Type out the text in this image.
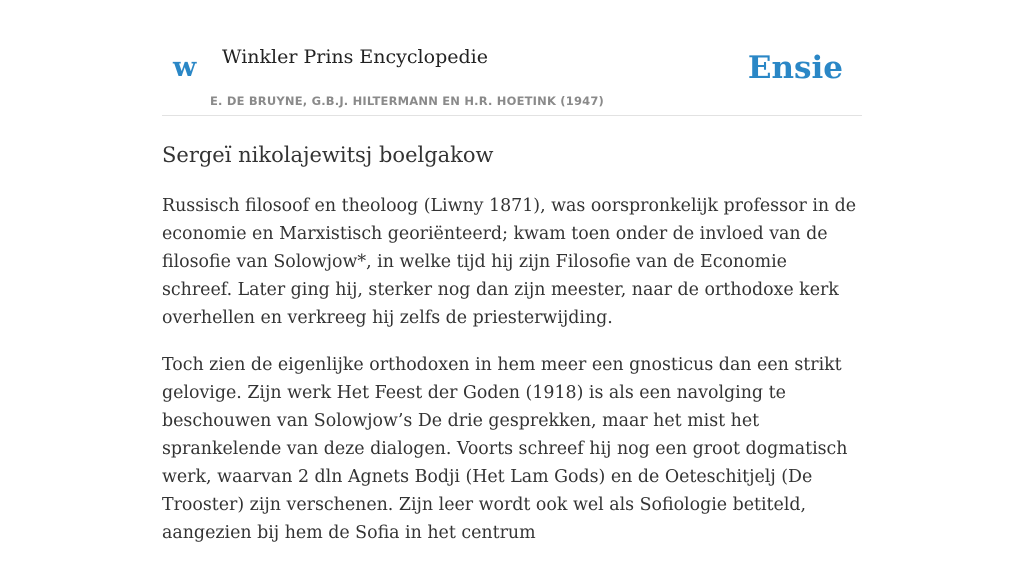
w Winkler Prins Encyclopedie
E. DE BRUYNE, G.B.J. HILTERMANN EN H.R. HOETINK (1947)
Ensie
Sergeï nikolajewitsj boelgakow

Russisch filosoof en theoloog (Liwny 1871), was oorspronkelijk professor in de economie en Marxistisch georiënteerd; kwam toen onder de invloed van de filosofie van Solowjow*, in welke tijd hij zijn Filosofie van de Economie schreef. Later ging hij, sterker nog dan zijn meester, naar de orthodoxe kerk overhellen en verkreeg hij zelfs de priesterwijding.

Toch zien de eigenlijke orthodoxen in hem meer een gnosticus dan een strikt gelovige. Zijn werk Het Feest der Goden (1918) is als een navolging te beschouwen van Solowjow’s De drie gesprekken, maar het mist het sprankelende van deze dialogen. Voorts schreef hij nog een groot dogmatisch werk, waarvan 2 dln Agnets Bodji (Het Lam Gods) en de Oeteschitjelj (De Trooster) zijn verschenen. Zijn leer wordt ook wel als Sofiologie betiteld, aangezien bij hem de Sofia in het centrum
